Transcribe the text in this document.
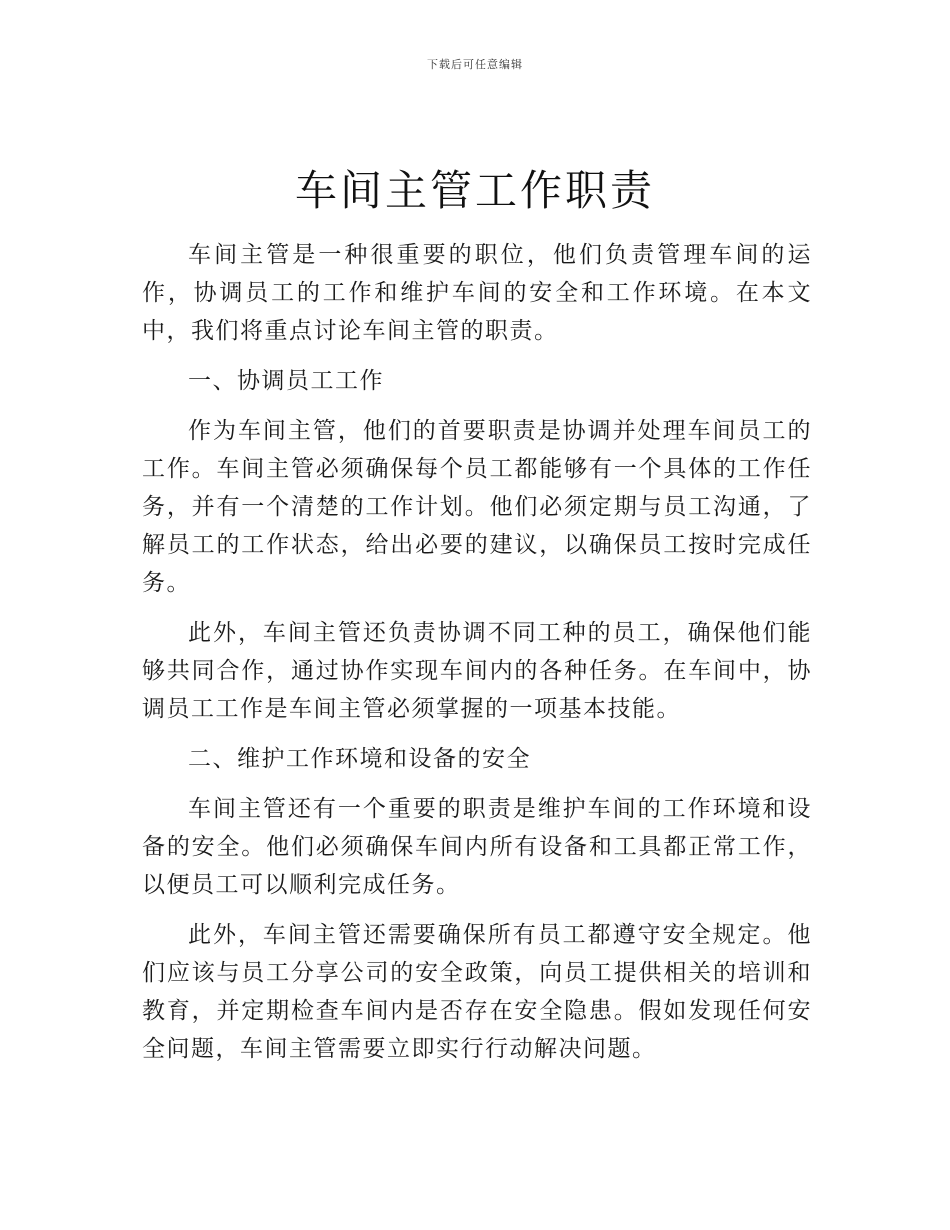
下载后可任意编辑
车间主管工作职责

车间主管是一种很重要的职位，他们负责管理车间的运作，协调员工的工作和维护车间的安全和工作环境。在本文中，我们将重点讨论车间主管的职责。

一、协调员工工作

作为车间主管，他们的首要职责是协调并处理车间员工的工作。车间主管必须确保每个员工都能够有一个具体的工作任务，并有一个清楚的工作计划。他们必须定期与员工沟通，了解员工的工作状态，给出必要的建议，以确保员工按时完成任务。

此外，车间主管还负责协调不同工种的员工，确保他们能够共同合作，通过协作实现车间内的各种任务。在车间中，协调员工工作是车间主管必须掌握的一项基本技能。

二、维护工作环境和设备的安全

车间主管还有一个重要的职责是维护车间的工作环境和设备的安全。他们必须确保车间内所有设备和工具都正常工作，以便员工可以顺利完成任务。

此外，车间主管还需要确保所有员工都遵守安全规定。他们应该与员工分享公司的安全政策，向员工提供相关的培训和教育，并定期检查车间内是否存在安全隐患。假如发现任何安全问题，车间主管需要立即实行行动解决问题。
